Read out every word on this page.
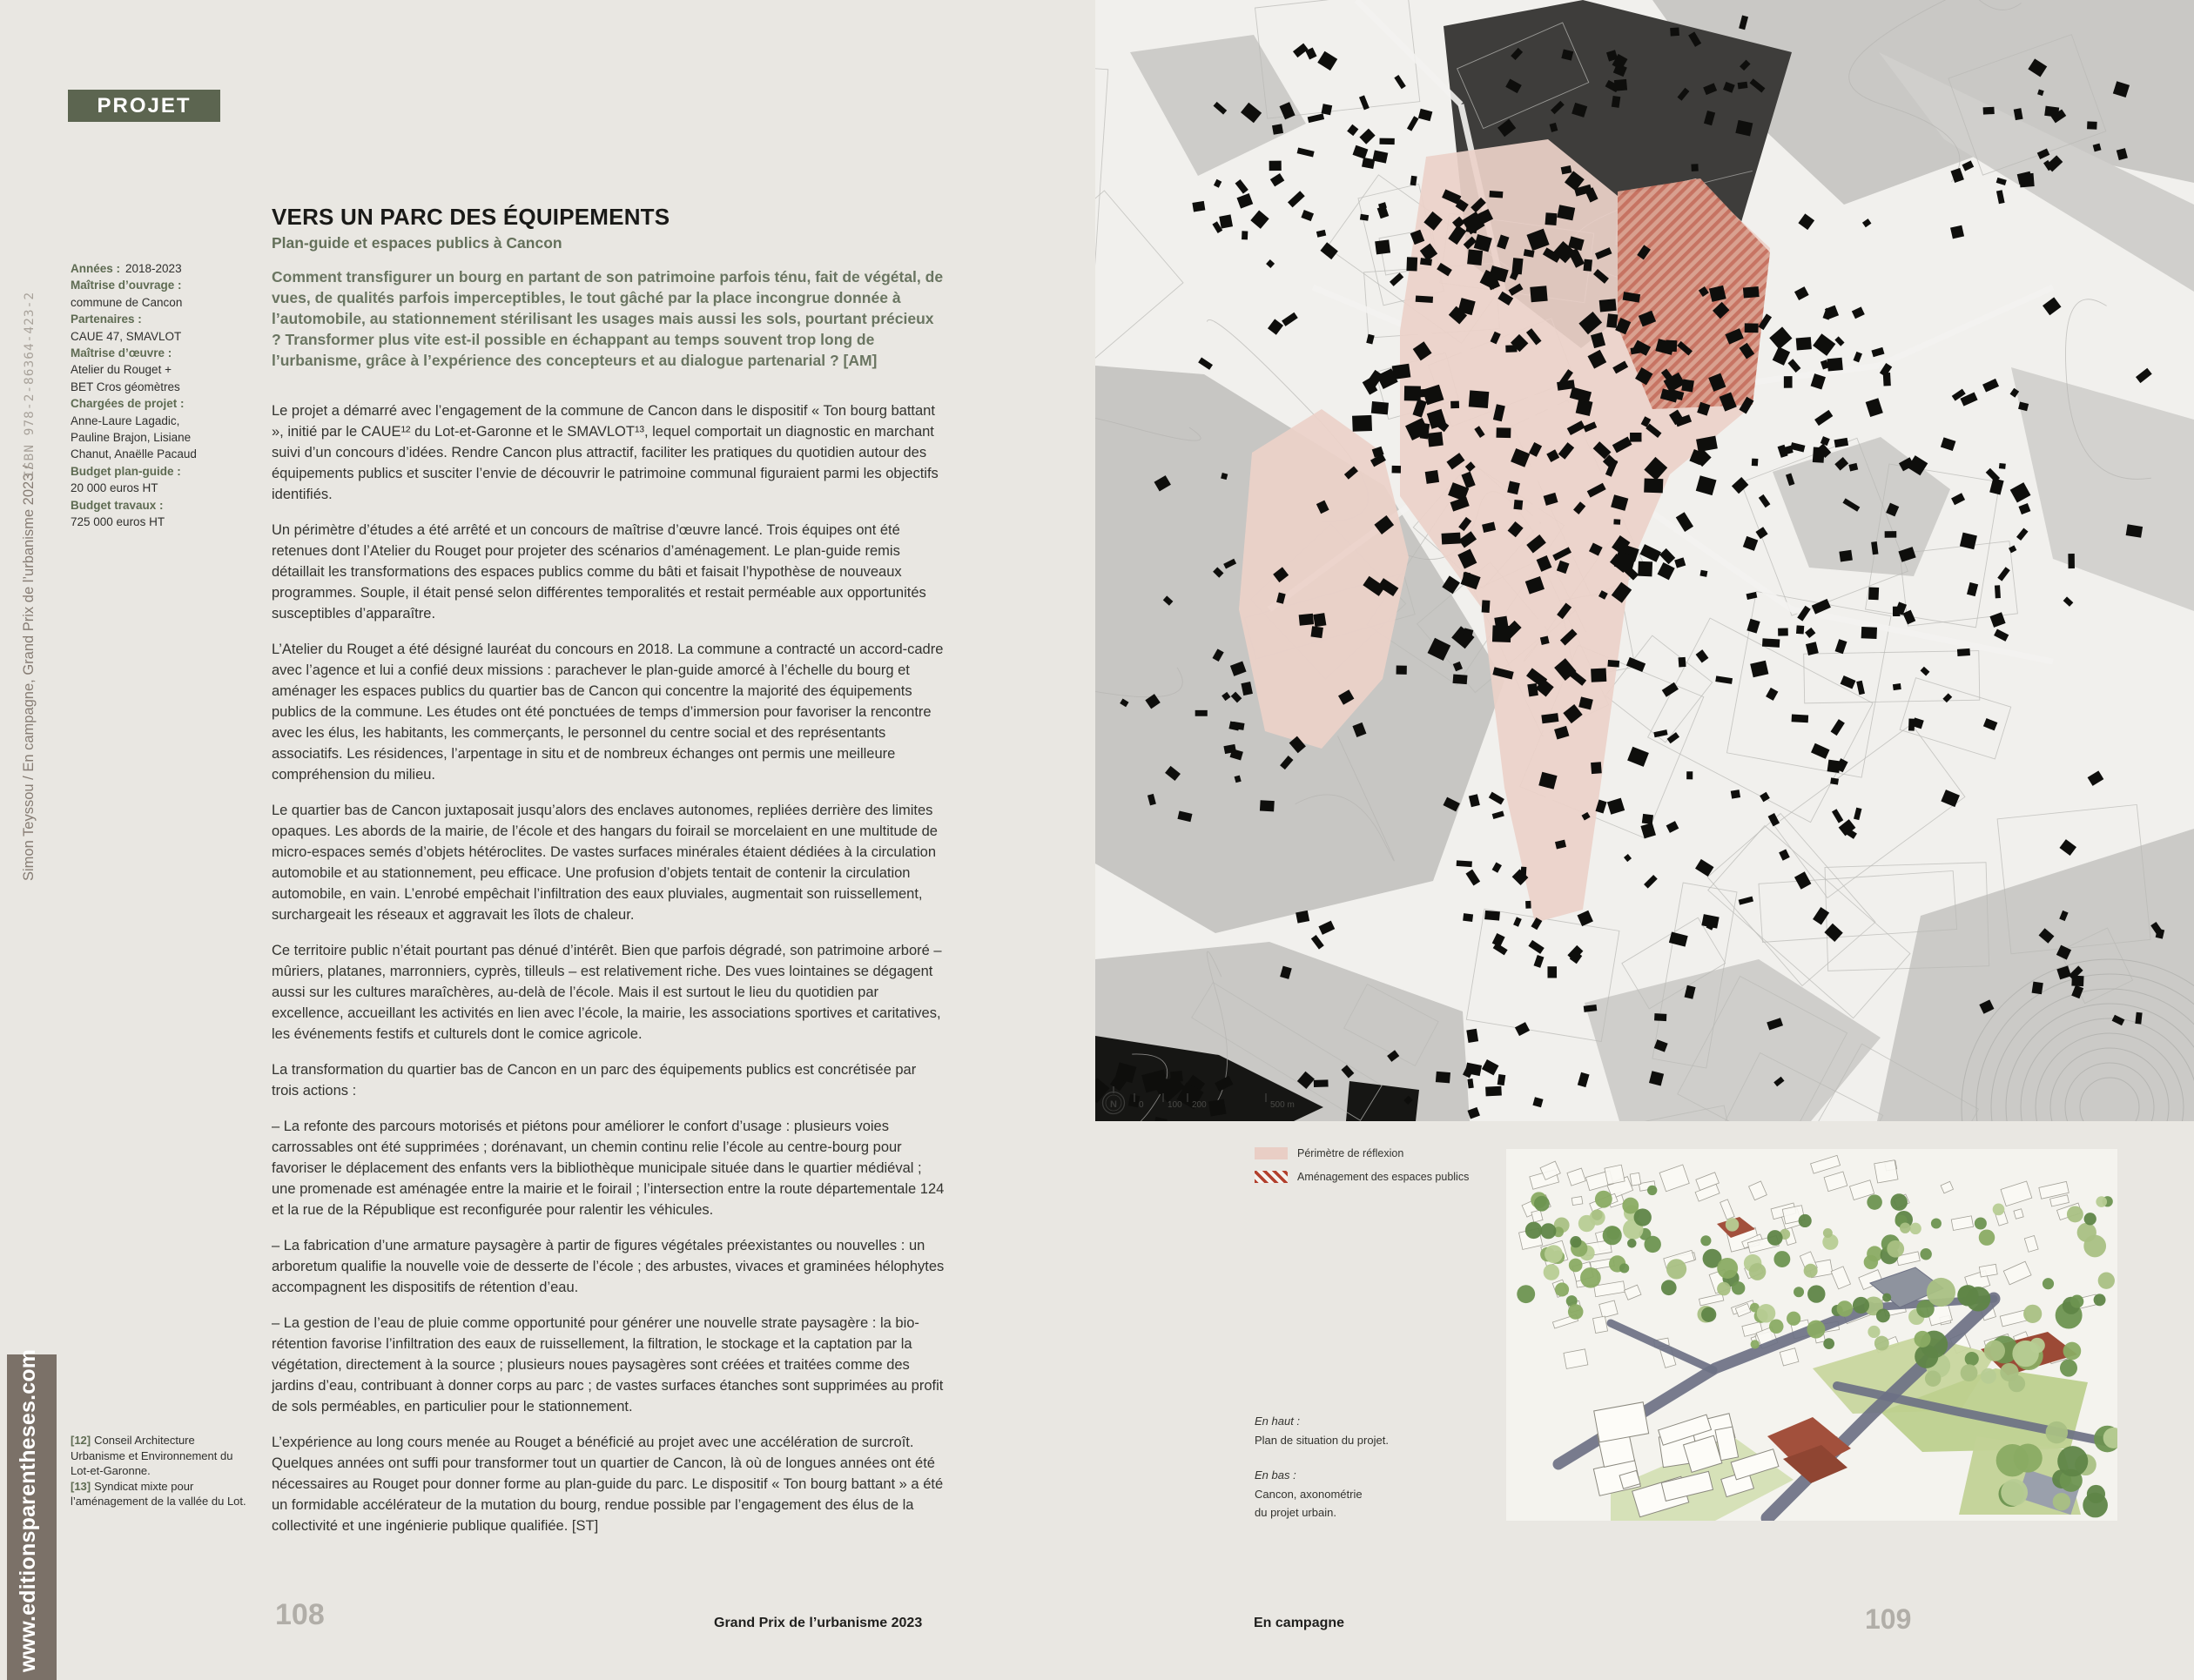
www.editionsparentheses.com
Simon Teyssou / En campagne, Grand Prix de l’urbanisme 2023 /
ISBN 978-2-86364-423-2
PROJET
Années : 2018-2023
Maîtrise d’ouvrage :
commune de Cancon
Partenaires :
CAUE 47, SMAVLOT
Maîtrise d’œuvre :
Atelier du Rouget +
BET Cros géomètres
Chargées de projet :
Anne-Laure Lagadic,
Pauline Brajon, Lisiane
Chanut, Anaëlle Pacaud
Budget plan-guide :
20 000 euros HT
Budget travaux :
725 000 euros HT
VERS UN PARC DES ÉQUIPEMENTS
Plan-guide et espaces publics à Cancon
Comment transfigurer un bourg en partant de son patrimoine parfois ténu, fait de végétal, de vues, de qualités parfois imperceptibles, le tout gâché par la place incongrue donnée à l’automobile, au stationnement stérilisant les usages mais aussi les sols, pourtant précieux ? Transformer plus vite est-il possible en échappant au temps souvent trop long de l’urbanisme, grâce à l’expérience des concepteurs et au dialogue partenarial ? [AM]

Le projet a démarré avec l’engagement de la commune de Cancon dans le dispositif « Ton bourg battant », initié par le CAUE¹² du Lot-et-Garonne et le SMAVLOT¹³, lequel comportait un diagnostic en marchant suivi d’un concours d’idées. Rendre Cancon plus attractif, faciliter les pratiques du quotidien autour des équipements publics et susciter l’envie de découvrir le patrimoine communal figuraient parmi les objectifs identifiés.

Un périmètre d’études a été arrêté et un concours de maîtrise d’œuvre lancé. Trois équipes ont été retenues dont l’Atelier du Rouget pour projeter des scénarios d’aménagement. Le plan-guide remis détaillait les transformations des espaces publics comme du bâti et faisait l’hypothèse de nouveaux programmes. Souple, il était pensé selon différentes temporalités et restait perméable aux opportunités susceptibles d’apparaître.

L’Atelier du Rouget a été désigné lauréat du concours en 2018. La commune a contracté un accord-cadre avec l’agence et lui a confié deux missions : parachever le plan-guide amorcé à l’échelle du bourg et aménager les espaces publics du quartier bas de Cancon qui concentre la majorité des équipements publics de la commune. Les études ont été ponctuées de temps d’immersion pour favoriser la rencontre avec les élus, les habitants, les commerçants, le personnel du centre social et des représentants associatifs. Les résidences, l’arpentage in situ et de nombreux échanges ont permis une meilleure compréhension du milieu.

Le quartier bas de Cancon juxtaposait jusqu’alors des enclaves autonomes, repliées derrière des limites opaques. Les abords de la mairie, de l’école et des hangars du foirail se morcelaient en une multitude de micro-espaces semés d’objets hétéroclites. De vastes surfaces minérales étaient dédiées à la circulation automobile et au stationnement, peu efficace. Une profusion d’objets tentait de contenir la circulation automobile, en vain. L’enrobé empêchait l’infiltration des eaux pluviales, augmentait son ruissellement, surchargeait les réseaux et aggravait les îlots de chaleur.

Ce territoire public n’était pourtant pas dénué d’intérêt. Bien que parfois dégradé, son patrimoine arboré – mûriers, platanes, marronniers, cyprès, tilleuls – est relativement riche. Des vues lointaines se dégagent aussi sur les cultures maraîchères, au-delà de l’école. Mais il est surtout le lieu du quotidien par excellence, accueillant les activités en lien avec l’école, la mairie, les associations sportives et caritatives, les événements festifs et culturels dont le comice agricole.

La transformation du quartier bas de Cancon en un parc des équipements publics est concrétisée par trois actions :

– La refonte des parcours motorisés et piétons pour améliorer le confort d’usage : plusieurs voies carrossables ont été supprimées ; dorénavant, un chemin continu relie l’école au centre-bourg pour favoriser le déplacement des enfants vers la bibliothèque municipale située dans le quartier médiéval ; une promenade est aménagée entre la mairie et le foirail ; l’intersection entre la route départementale 124 et la rue de la République est reconfigurée pour ralentir les véhicules.

– La fabrication d’une armature paysagère à partir de figures végétales préexistantes ou nouvelles : un arboretum qualifie la nouvelle voie de desserte de l’école ; des arbustes, vivaces et graminées hélophytes accompagnent les dispositifs de rétention d’eau.

– La gestion de l’eau de pluie comme opportunité pour générer une nouvelle strate paysagère : la bio-rétention favorise l’infiltration des eaux de ruissellement, la filtration, le stockage et la captation par la végétation, directement à la source ; plusieurs noues paysagères sont créées et traitées comme des jardins d’eau, contribuant à donner corps au parc ; de vastes surfaces étanches sont supprimées au profit de sols perméables, en particulier pour le stationnement.

L’expérience au long cours menée au Rouget a bénéficié au projet avec une accélération de surcroît. Quelques années ont suffi pour transformer tout un quartier de Cancon, là où de longues années ont été nécessaires au Rouget pour donner forme au plan-guide du parc. Le dispositif « Ton bourg battant » a été un formidable accélérateur de la mutation du bourg, rendue possible par l’engagement des élus de la collectivité et une ingénierie publique qualifiée. [ST]

[12] Conseil Architecture Urbanisme et Environnement du Lot-et-Garonne.

[13] Syndicat mixte pour l’aménagement de la vallée du Lot.

N	0	100 200	500 m
Périmètre de réflexion
Aménagement des espaces publics
En haut :
Plan de situation du projet.
En bas :
Cancon, axonométrie
du projet urbain.
108	Grand Prix de l’urbanisme 2023	En campagne	109
